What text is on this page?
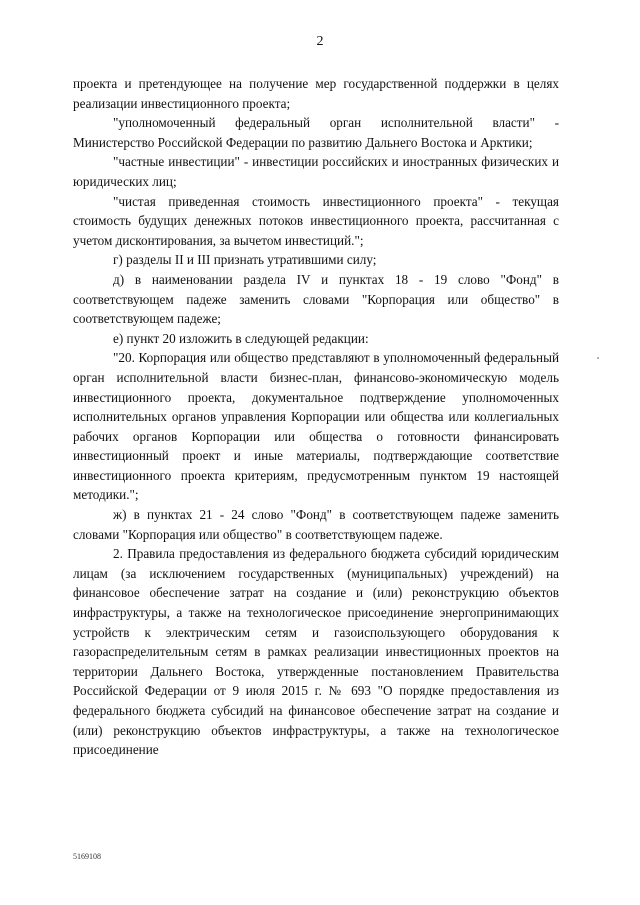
2

проекта и претендующее на получение мер государственной поддержки в целях реализации инвестиционного проекта;

"уполномоченный федеральный орган исполнительной власти" - Министерство Российской Федерации по развитию Дальнего Востока и Арктики;

"частные инвестиции" - инвестиции российских и иностранных физических и юридических лиц;

"чистая приведенная стоимость инвестиционного проекта" - текущая стоимость будущих денежных потоков инвестиционного проекта, рассчитанная с учетом дисконтирования, за вычетом инвестиций.";

г) разделы II и III признать утратившими силу;

д) в наименовании раздела IV и пунктах 18 - 19 слово "Фонд" в соответствующем падеже заменить словами "Корпорация или общество" в соответствующем падеже;

е) пункт 20 изложить в следующей редакции:

"20. Корпорация или общество представляют в уполномоченный федеральный орган исполнительной власти бизнес-план, финансово-экономическую модель инвестиционного проекта, документальное подтверждение уполномоченных исполнительных органов управления Корпорации или общества или коллегиальных рабочих органов Корпорации или общества о готовности финансировать инвестиционный проект и иные материалы, подтверждающие соответствие инвестиционного проекта критериям, предусмотренным пунктом 19 настоящей методики.";

ж) в пунктах 21 - 24 слово "Фонд" в соответствующем падеже заменить словами "Корпорация или общество" в соответствующем падеже.

2. Правила предоставления из федерального бюджета субсидий юридическим лицам (за исключением государственных (муниципальных) учреждений) на финансовое обеспечение затрат на создание и (или) реконструкцию объектов инфраструктуры, а также на технологическое присоединение энергопринимающих устройств к электрическим сетям и газоиспользующего оборудования к газораспределительным сетям в рамках реализации инвестиционных проектов на территории Дальнего Востока, утвержденные постановлением Правительства Российской Федерации от 9 июля 2015 г. № 693 "О порядке предоставления из федерального бюджета субсидий на финансовое обеспечение затрат на создание и (или) реконструкцию объектов инфраструктуры, а также на технологическое присоединение

5169108
